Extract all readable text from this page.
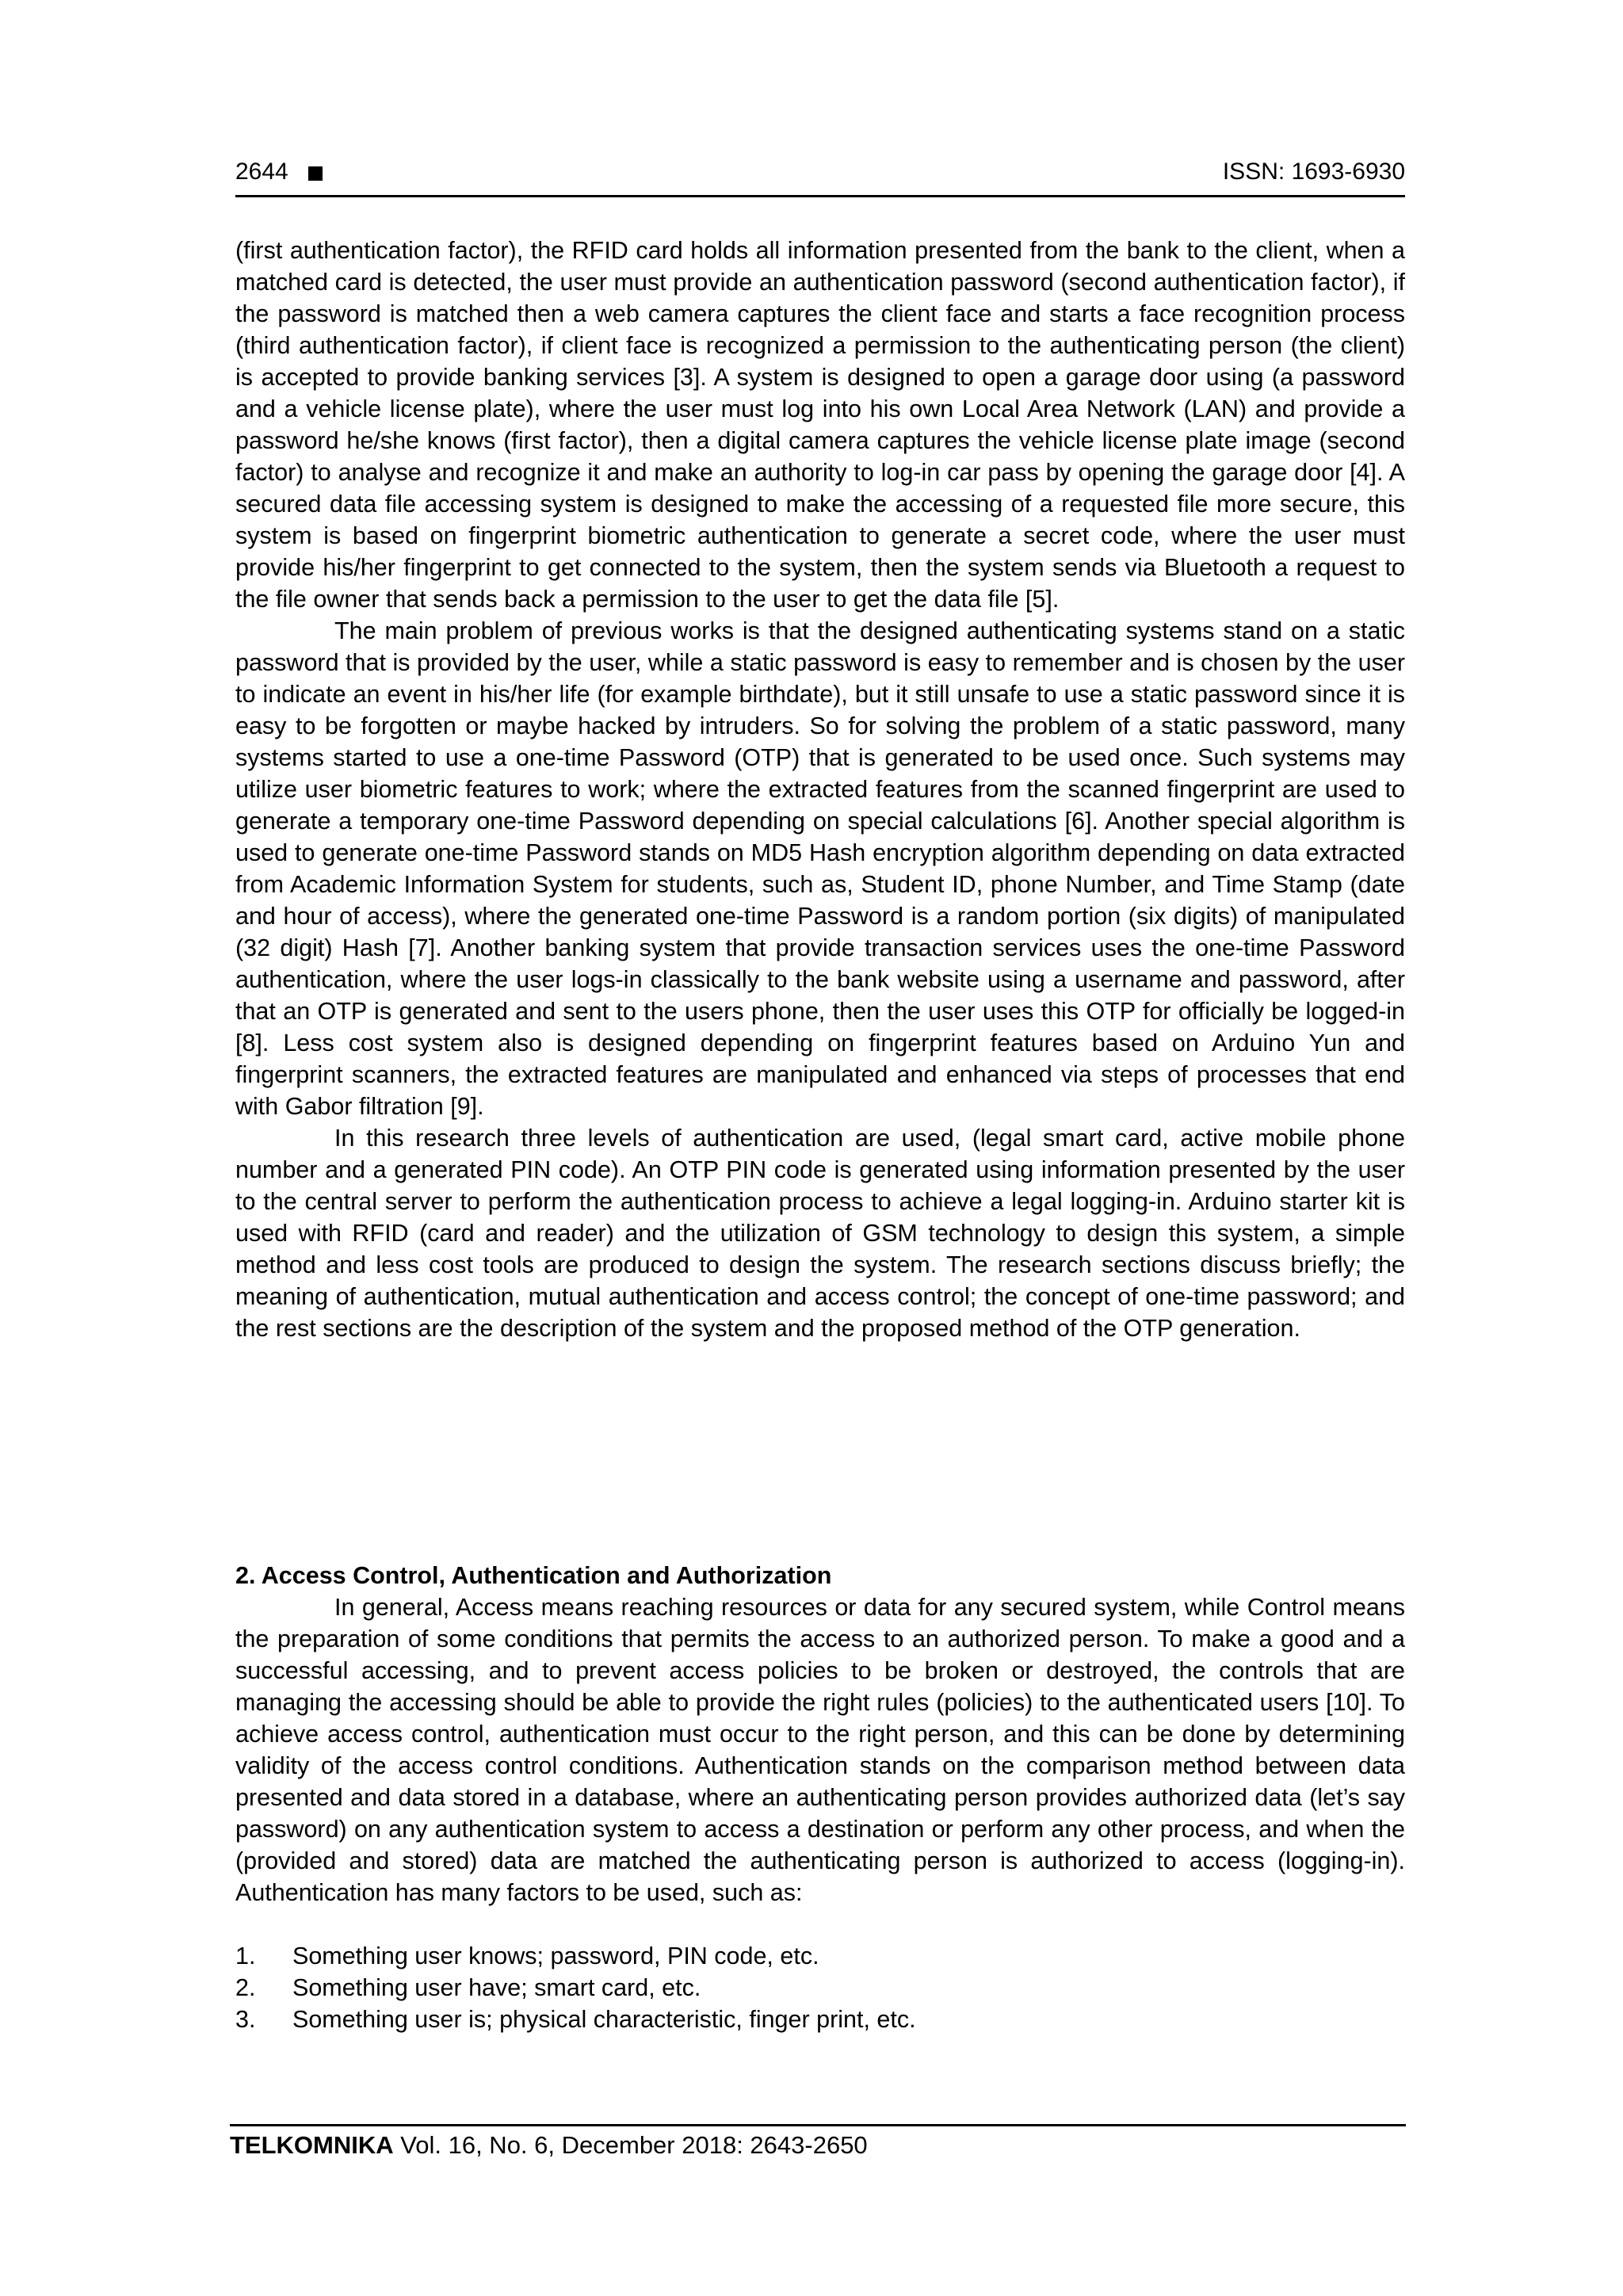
2644	ISSN: 1693-6930

(first authentication factor), the RFID card holds all information presented from the bank to the client, when a matched card is detected, the user must provide an authentication password (second authentication factor), if the password is matched then a web camera captures the client face and starts a face recognition process (third authentication factor), if client face is recognized a permission to the authenticating person (the client) is accepted to provide banking services [3]. A system is designed to open a garage door using (a password and a vehicle license plate), where the user must log into his own Local Area Network (LAN) and provide a password he/she knows (first factor), then a digital camera captures the vehicle license plate image (second factor) to analyse and recognize it and make an authority to log-in car pass by opening the garage door [4]. A secured data file accessing system is designed to make the accessing of a requested file more secure, this system is based on fingerprint biometric authentication to generate a secret code, where the user must provide his/her fingerprint to get connected to the system, then the system sends via Bluetooth a request to the file owner that sends back a permission to the user to get the data file [5].

The main problem of previous works is that the designed authenticating systems stand on a static password that is provided by the user, while a static password is easy to remember and is chosen by the user to indicate an event in his/her life (for example birthdate), but it still unsafe to use a static password since it is easy to be forgotten or maybe hacked by intruders. So for solving the problem of a static password, many systems started to use a one-time Password (OTP) that is generated to be used once. Such systems may utilize user biometric features to work; where the extracted features from the scanned fingerprint are used to generate a temporary one-time Password depending on special calculations [6]. Another special algorithm is used to generate one-time Password stands on MD5 Hash encryption algorithm depending on data extracted from Academic Information System for students, such as, Student ID, phone Number, and Time Stamp (date and hour of access), where the generated one-time Password is a random portion (six digits) of manipulated (32 digit) Hash [7]. Another banking system that provide transaction services uses the one-time Password authentication, where the user logs-in classically to the bank website using a username and password, after that an OTP is generated and sent to the users phone, then the user uses this OTP for officially be logged-in [8]. Less cost system also is designed depending on fingerprint features based on Arduino Yun and fingerprint scanners, the extracted features are manipulated and enhanced via steps of processes that end with Gabor filtration [9].

In this research three levels of authentication are used, (legal smart card, active mobile phone number and a generated PIN code). An OTP PIN code is generated using information presented by the user to the central server to perform the authentication process to achieve a legal logging-in. Arduino starter kit is used with RFID (card and reader) and the utilization of GSM technology to design this system, a simple method and less cost tools are produced to design the system. The research sections discuss briefly; the meaning of authentication, mutual authentication and access control; the concept of one-time password; and the rest sections are the description of the system and the proposed method of the OTP generation.

2. Access Control, Authentication and Authorization

In general, Access means reaching resources or data for any secured system, while Control means the preparation of some conditions that permits the access to an authorized person. To make a good and a successful accessing, and to prevent access policies to be broken or destroyed, the controls that are managing the accessing should be able to provide the right rules (policies) to the authenticated users [10]. To achieve access control, authentication must occur to the right person, and this can be done by determining validity of the access control conditions. Authentication stands on the comparison method between data presented and data stored in a database, where an authenticating person provides authorized data (let’s say password) on any authentication system to access a destination or perform any other process, and when the (provided and stored) data are matched the authenticating person is authorized to access (logging-in). Authentication has many factors to be used, such as:

1. Something user knows; password, PIN code, etc.
2. Something user have; smart card, etc.
3. Something user is; physical characteristic, finger print, etc.
TELKOMNIKA Vol. 16, No. 6, December 2018: 2643-2650
